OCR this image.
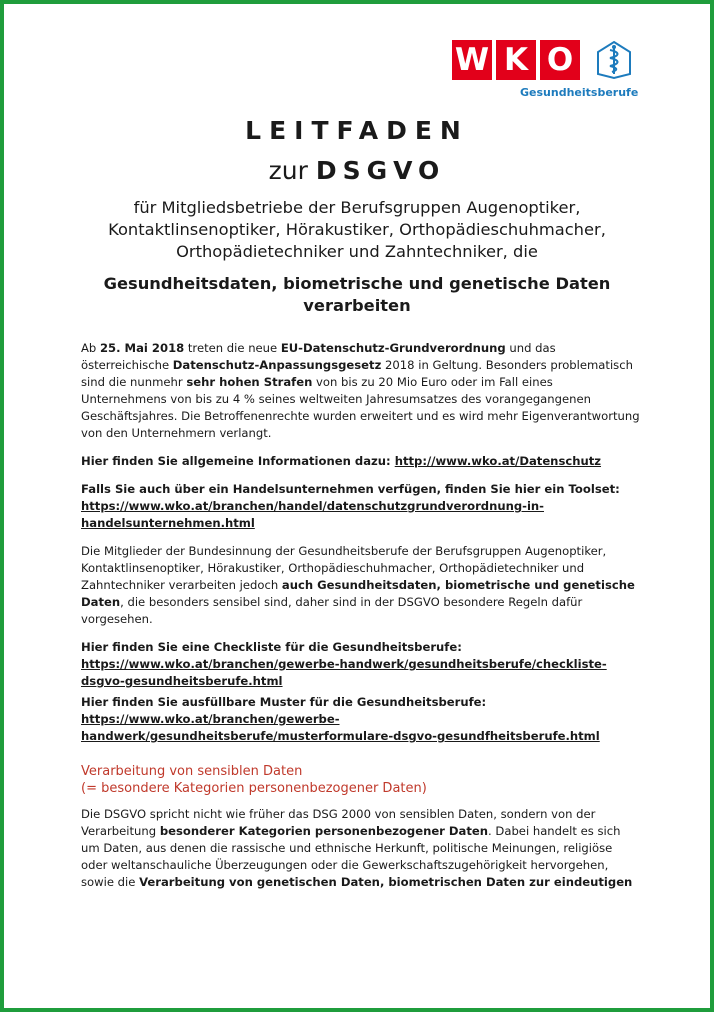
W K O
Gesundheitsberufe
LEITFADEN
zur DSGVO
für Mitgliedsbetriebe der Berufsgruppen Augenoptiker, Kontaktlinsenoptiker, Hörakustiker, Orthopädieschuhmacher, Orthopädietechniker und Zahntechniker, die
Gesundheitsdaten, biometrische und genetische Daten verarbeiten

Ab 25. Mai 2018 treten die neue EU-Datenschutz-Grundverordnung und das österreichische Datenschutz-Anpassungsgesetz 2018 in Geltung. Besonders problematisch sind die nunmehr sehr hohen Strafen von bis zu 20 Mio Euro oder im Fall eines Unternehmens von bis zu 4 % seines weltweiten Jahresumsatzes des vorangegangenen Geschäftsjahres. Die Betroffenenrechte wurden erweitert und es wird mehr Eigenverantwortung von den Unternehmern verlangt.

Hier finden Sie allgemeine Informationen dazu: http://www.wko.at/Datenschutz

Falls Sie auch über ein Handelsunternehmen verfügen, finden Sie hier ein Toolset:
https://www.wko.at/branchen/handel/datenschutzgrundverordnung-in-handelsunternehmen.html

Die Mitglieder der Bundesinnung der Gesundheitsberufe der Berufsgruppen Augenoptiker, Kontaktlinsenoptiker, Hörakustiker, Orthopädieschuhmacher, Orthopädietechniker und Zahntechniker verarbeiten jedoch auch Gesundheitsdaten, biometrische und genetische Daten, die besonders sensibel sind, daher sind in der DSGVO besondere Regeln dafür vorgesehen.

Hier finden Sie eine Checkliste für die Gesundheitsberufe:
https://www.wko.at/branchen/gewerbe-handwerk/gesundheitsberufe/checkliste-dsgvo-gesundheitsberufe.html

Hier finden Sie ausfüllbare Muster für die Gesundheitsberufe:
https://www.wko.at/branchen/gewerbe-handwerk/gesundheitsberufe/musterformulare-dsgvo-gesundfheitsberufe.html

Verarbeitung von sensiblen Daten
(= besondere Kategorien personenbezogener Daten)

Die DSGVO spricht nicht wie früher das DSG 2000 von sensiblen Daten, sondern von der Verarbeitung besonderer Kategorien personenbezogener Daten. Dabei handelt es sich um Daten, aus denen die rassische und ethnische Herkunft, politische Meinungen, religiöse oder weltanschauliche Überzeugungen oder die Gewerkschaftszugehörigkeit hervorgehen, sowie die Verarbeitung von genetischen Daten, biometrischen Daten zur eindeutigen
